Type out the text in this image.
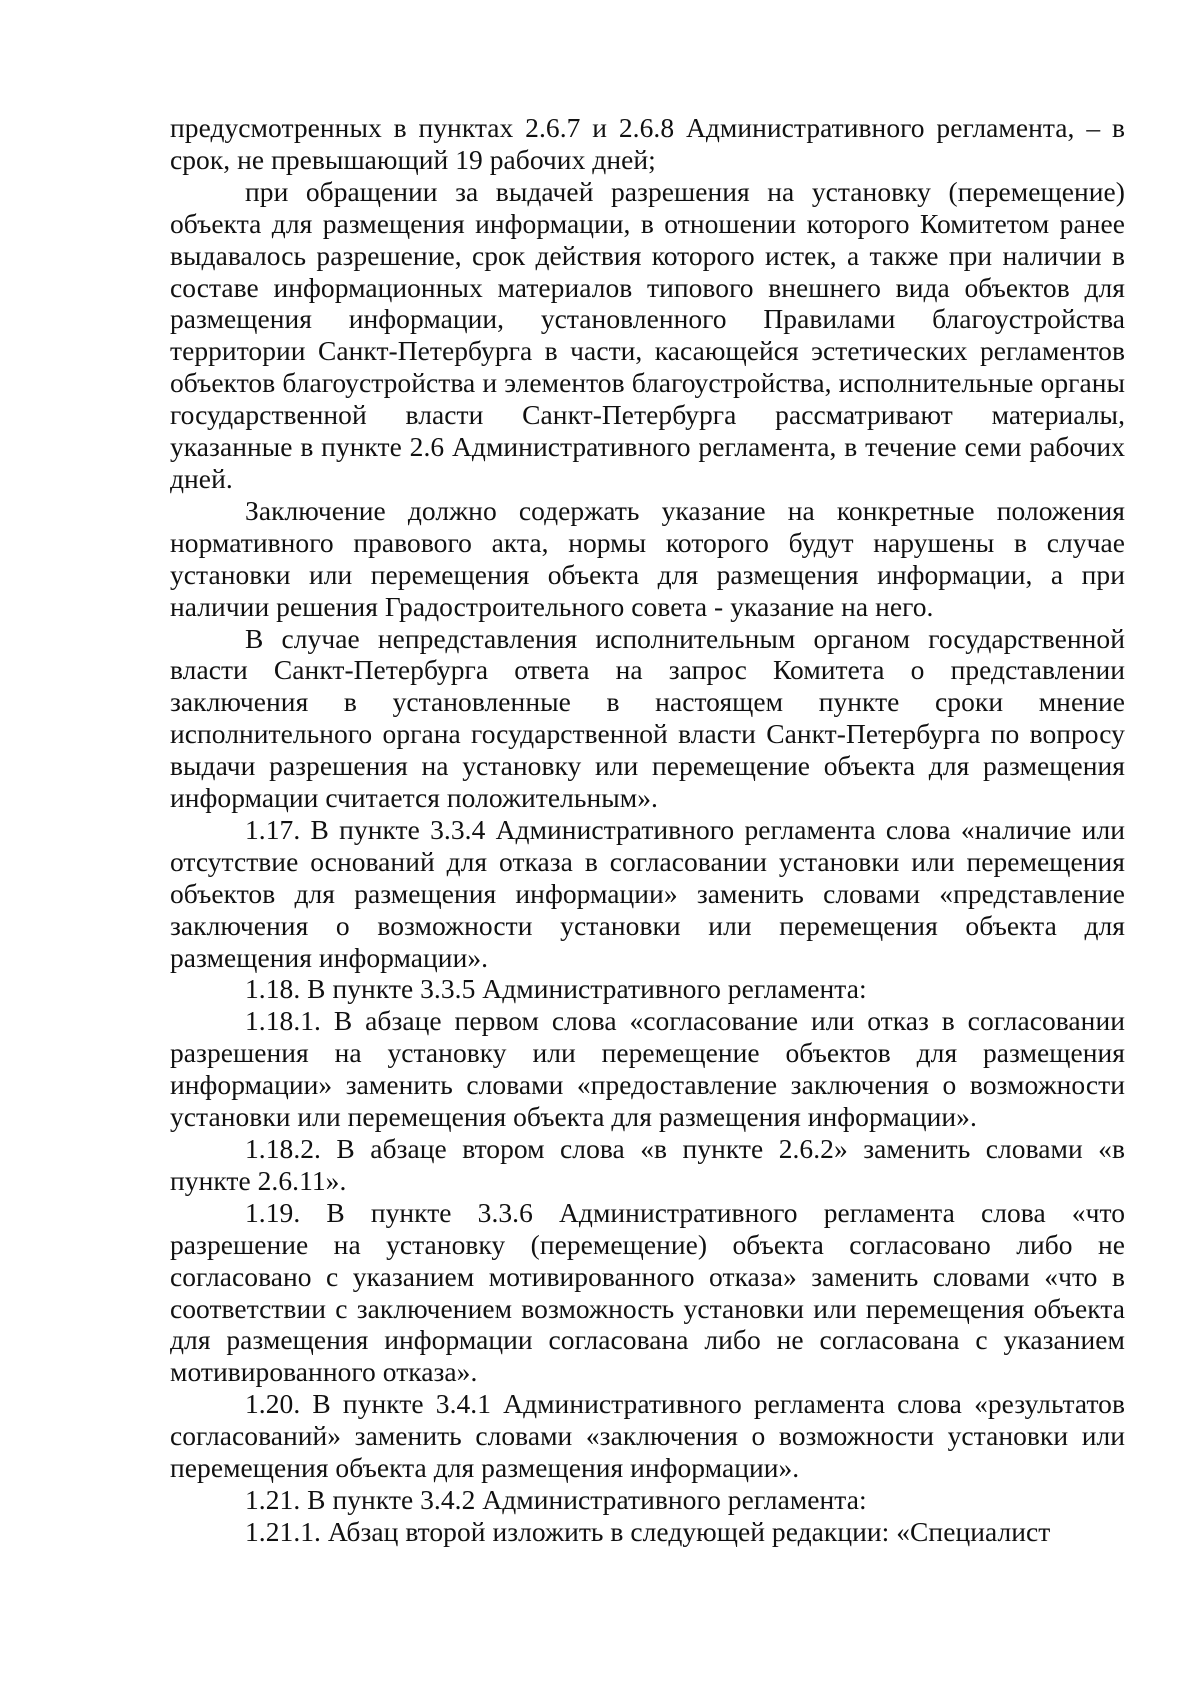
предусмотренных в пунктах 2.6.7 и 2.6.8 Административного регламента, – в срок, не превышающий 19 рабочих дней;

при обращении за выдачей разрешения на установку (перемещение) объекта для размещения информации, в отношении которого Комитетом ранее выдавалось разрешение, срок действия которого истек, а также при наличии в составе информационных материалов типового внешнего вида объектов для размещения информации, установленного Правилами благоустройства территории Санкт-Петербурга в части, касающейся эстетических регламентов объектов благоустройства и элементов благоустройства, исполнительные органы государственной власти Санкт-Петербурга рассматривают материалы, указанные в пункте 2.6 Административного регламента, в течение семи рабочих дней.

Заключение должно содержать указание на конкретные положения нормативного правового акта, нормы которого будут нарушены в случае установки или перемещения объекта для размещения информации, а при наличии решения Градостроительного совета - указание на него.

В случае непредставления исполнительным органом государственной власти Санкт-Петербурга ответа на запрос Комитета о представлении заключения в установленные в настоящем пункте сроки мнение исполнительного органа государственной власти Санкт-Петербурга по вопросу выдачи разрешения на установку или перемещение объекта для размещения информации считается положительным».

1.17. В пункте 3.3.4 Административного регламента слова «наличие или отсутствие оснований для отказа в согласовании установки или перемещения объектов для размещения информации» заменить словами «представление заключения о возможности установки или перемещения объекта для размещения информации».

1.18. В пункте 3.3.5 Административного регламента:

1.18.1. В абзаце первом слова «согласование или отказ в согласовании разрешения на установку или перемещение объектов для размещения информации» заменить словами «предоставление заключения о возможности установки или перемещения объекта для размещения информации».

1.18.2. В абзаце втором слова «в пункте 2.6.2» заменить словами «в пункте 2.6.11».

1.19. В пункте 3.3.6 Административного регламента слова «что разрешение на установку (перемещение) объекта согласовано либо не согласовано с указанием мотивированного отказа» заменить словами «что в соответствии с заключением возможность установки или перемещения объекта для размещения информации согласована либо не согласована с указанием мотивированного отказа».

1.20. В пункте 3.4.1 Административного регламента слова «результатов согласований» заменить словами «заключения о возможности установки или перемещения объекта для размещения информации».

1.21. В пункте 3.4.2 Административного регламента:

1.21.1. Абзац второй изложить в следующей редакции: «Специалист
